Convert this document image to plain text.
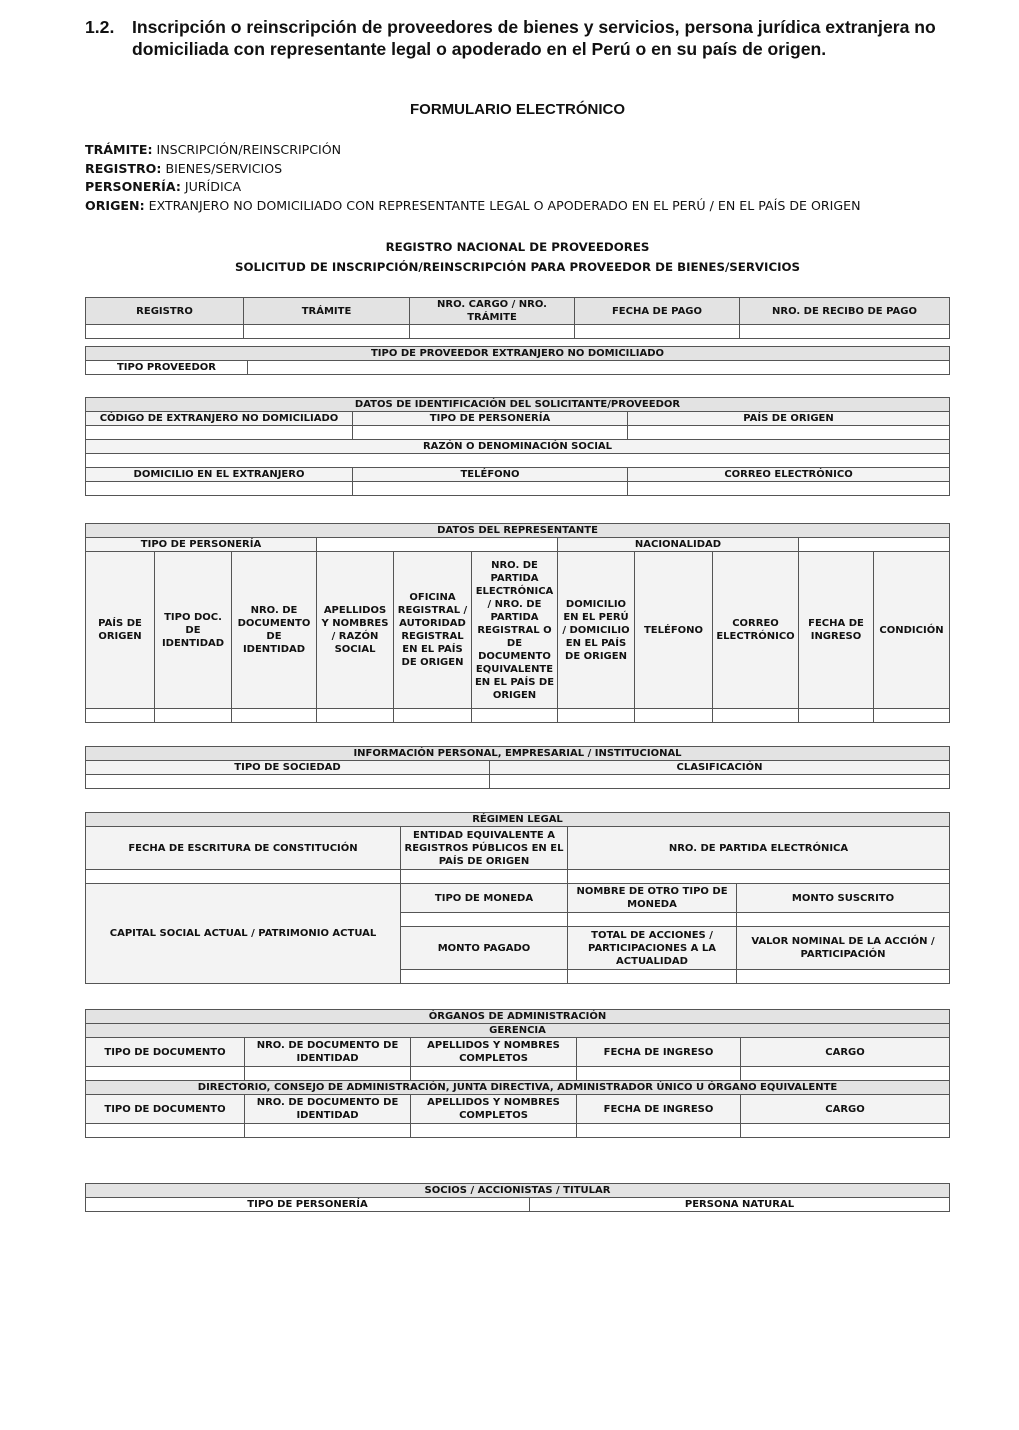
1.2.	Inscripción o reinscripción de proveedores de bienes y servicios, persona jurídica extranjera no domiciliada con representante legal o apoderado en el Perú o en su país de origen.
FORMULARIO ELECTRÓNICO
TRÁMITE: INSCRIPCIÓN/REINSCRIPCIÓN
REGISTRO: BIENES/SERVICIOS
PERSONERÍA: JURÍDICA
ORIGEN: EXTRANJERO NO DOMICILIADO CON REPRESENTANTE LEGAL O APODERADO EN EL PERÚ / EN EL PAÍS DE ORIGEN
REGISTRO NACIONAL DE PROVEEDORES
SOLICITUD DE INSCRIPCIÓN/REINSCRIPCIÓN PARA PROVEEDOR DE BIENES/SERVICIOS
REGISTRO	TRÁMITE	NRO. CARGO / NRO. TRÁMITE	FECHA DE PAGO	NRO. DE RECIBO DE PAGO

TIPO DE PROVEEDOR EXTRANJERO NO DOMICILIADO
TIPO PROVEEDOR	
DATOS DE IDENTIFICACIÓN DEL SOLICITANTE/PROVEEDOR		
CÓDIGO DE EXTRANJERO NO DOMICILIADO	TIPO DE PERSONERÍA	PAÍS DE ORIGEN

RAZÓN O DENOMINACIÓN SOCIAL		

DOMICILIO EN EL EXTRANJERO	TELÉFONO	CORREO ELECTRÓNICO

DATOS DEL REPRESENTANTE										
TIPO DE PERSONERÍA						NACIONALIDAD				
PAÍS DE ORIGEN	TIPO DOC. DE IDENTIDAD	NRO. DE DOCUMENTO DE IDENTIDAD	APELLIDOS Y NOMBRES / RAZÓN SOCIAL	OFICINA REGISTRAL / AUTORIDAD REGISTRAL EN EL PAÍS DE ORIGEN	NRO. DE PARTIDA ELECTRÓNICA / NRO. DE PARTIDA REGISTRAL O DE DOCUMENTO EQUIVALENTE EN EL PAÍS DE ORIGEN	DOMICILIO EN EL PERÚ / DOMICILIO EN EL PAÍS DE ORIGEN	TELÉFONO	CORREO ELECTRÓNICO	FECHA DE INGRESO	CONDICIÓN

INFORMACIÓN PERSONAL, EMPRESARIAL / INSTITUCIONAL	
TIPO DE SOCIEDAD	CLASIFICACIÓN

RÉGIMEN LEGAL			
FECHA DE ESCRITURA DE CONSTITUCIÓN	ENTIDAD EQUIVALENTE A REGISTROS PÚBLICOS EN EL PAÍS DE ORIGEN	NRO. DE PARTIDA ELECTRÓNICA	

CAPITAL SOCIAL ACTUAL / PATRIMONIO ACTUAL	TIPO DE MONEDA	NOMBRE DE OTRO TIPO DE MONEDA	MONTO SUSCRITO

	MONTO PAGADO	TOTAL DE ACCIONES / PARTICIPACIONES A LA ACTUALIDAD	VALOR NOMINAL DE LA ACCIÓN / PARTICIPACIÓN

ÓRGANOS DE ADMINISTRACIÓN				
GERENCIA				
TIPO DE DOCUMENTO	NRO. DE DOCUMENTO DE IDENTIDAD	APELLIDOS Y NOMBRES COMPLETOS	FECHA DE INGRESO	CARGO

DIRECTORIO, CONSEJO DE ADMINISTRACIÓN, JUNTA DIRECTIVA, ADMINISTRADOR ÚNICO U ÓRGANO EQUIVALENTE				
TIPO DE DOCUMENTO	NRO. DE DOCUMENTO DE IDENTIDAD	APELLIDOS Y NOMBRES COMPLETOS	FECHA DE INGRESO	CARGO

SOCIOS / ACCIONISTAS / TITULAR
TIPO DE PERSONERÍA	PERSONA NATURAL
